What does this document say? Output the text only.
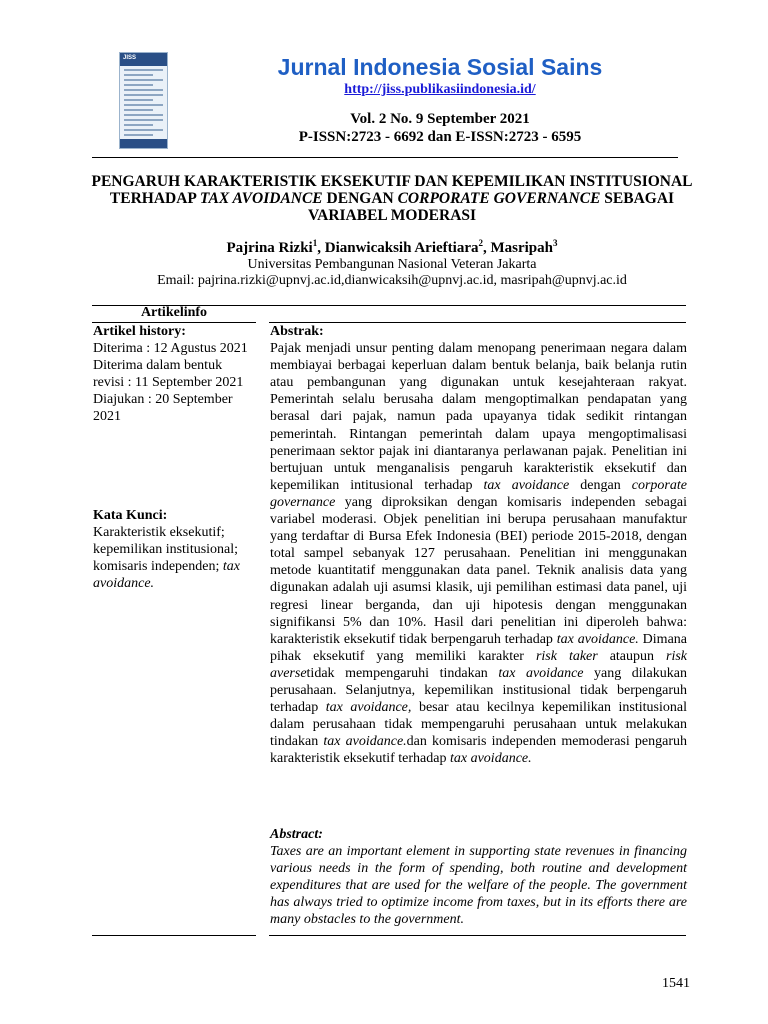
JISS	Jurnal Indonesia Sosial Sains
http://jiss.publikasiindonesia.id/
Vol. 2 No. 9 September 2021
P-ISSN:2723 - 6692 dan E-ISSN:2723 - 6595
PENGARUH KARAKTERISTIK EKSEKUTIF DAN KEPEMILIKAN INSTITUSIONAL
TERHADAP TAX AVOIDANCE DENGAN CORPORATE GOVERNANCE SEBAGAI
VARIABEL MODERASI
Pajrina Rizki$^1$, Dianwicaksih Arieftiara$^2$, Masripah$^3$
Universitas Pembangunan Nasional Veteran Jakarta
Email: pajrina.rizki@upnvj.ac.id,dianwicaksih@upnvj.ac.id, masripah@upnvj.ac.id
Artikelinfo
Artikel history:

Diterima : 12 Agustus 2021

Diterima dalam bentuk revisi : 11 September 2021

Diajukan : 20 September 2021

Kata Kunci:

Karakteristik eksekutif; kepemilikan institusional; komisaris independen; tax avoidance.

Abstrak:

Pajak menjadi unsur penting dalam menopang penerimaan negara dalam membiayai berbagai keperluan dalam bentuk belanja, baik belanja rutin atau pembangunan yang digunakan untuk kesejahteraan rakyat. Pemerintah selalu berusaha dalam mengoptimalkan pendapatan yang berasal dari pajak, namun pada upayanya tidak sedikit rintangan pemerintah. Rintangan pemerintah dalam upaya mengoptimalisasi penerimaan sektor pajak ini diantaranya perlawanan pajak. Penelitian ini bertujuan untuk menganalisis pengaruh karakteristik eksekutif dan kepemilikan intitusional terhadap tax avoidance dengan corporate governance yang diproksikan dengan komisaris independen sebagai variabel moderasi. Objek penelitian ini berupa perusahaan manufaktur yang terdaftar di Bursa Efek Indonesia (BEI) periode 2015-2018, dengan total sampel sebanyak 127 perusahaan. Penelitian ini menggunakan metode kuantitatif menggunakan data panel. Teknik analisis data yang digunakan adalah uji asumsi klasik, uji pemilihan estimasi data panel, uji regresi linear berganda, dan uji hipotesis dengan menggunakan signifikansi 5% dan 10%. Hasil dari penelitian ini diperoleh bahwa: karakteristik eksekutif tidak berpengaruh terhadap tax avoidance. Dimana pihak eksekutif yang memiliki karakter risk taker ataupun risk aversetidak mempengaruhi tindakan tax avoidance yang dilakukan perusahaan. Selanjutnya, kepemilikan institusional tidak berpengaruh terhadap tax avoidance, besar atau kecilnya kepemilikan institusional dalam perusahaan tidak mempengaruhi perusahaan untuk melakukan tindakan tax avoidance.dan komisaris independen memoderasi pengaruh karakteristik eksekutif terhadap tax avoidance.

Abstract:

Taxes are an important element in supporting state revenues in financing various needs in the form of spending, both routine and development expenditures that are used for the welfare of the people. The government has always tried to optimize income from taxes, but in its efforts there are many obstacles to the government.

1541
